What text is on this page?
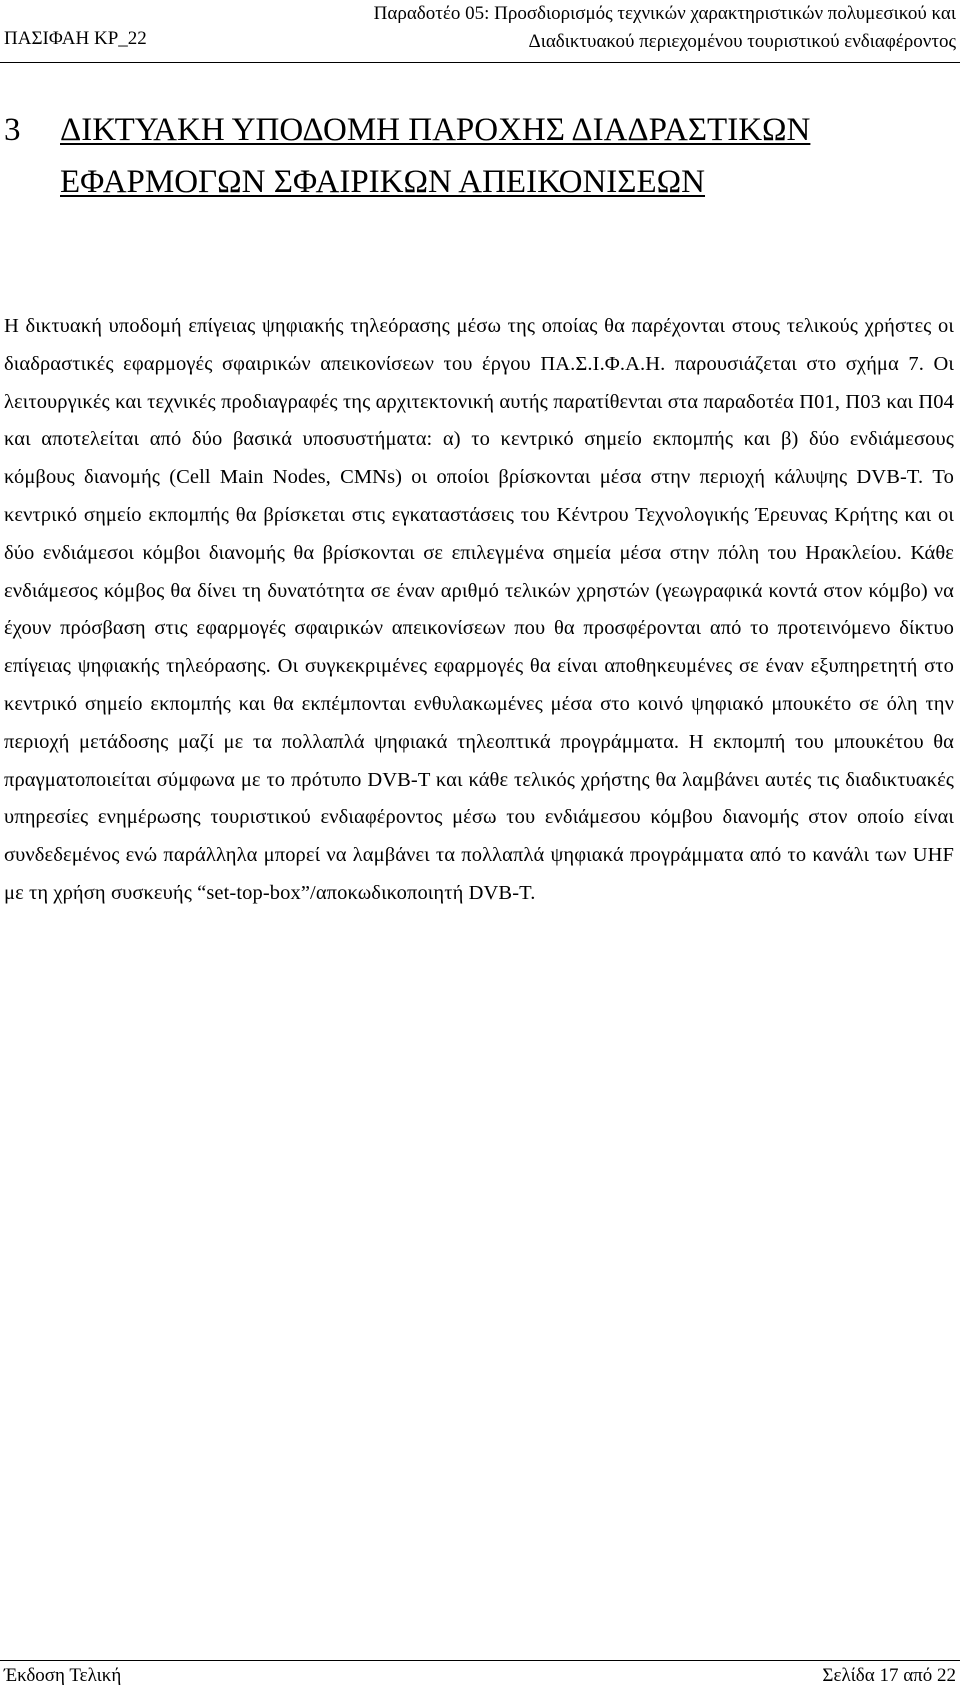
ΠΑΣΙΦΑΗ ΚΡ_22
Παραδοτέο 05: Προσδιορισμός τεχνικών χαρακτηριστικών πολυμεσικού και
Διαδικτυακού περιεχομένου τουριστικού ενδιαφέροντος
3 ΔΙΚΤΥΑΚΗ ΥΠΟΔΟΜΗ ΠΑΡΟΧΗΣ ΔΙΑΔΡΑΣΤΙΚΩΝ
ΕΦΑΡΜΟΓΩΝ ΣΦΑΙΡΙΚΩΝ ΑΠΕΙΚΟΝΙΣΕΩΝ
Η δικτυακή υποδομή επίγειας ψηφιακής τηλεόρασης μέσω της οποίας θα παρέχονται στους τελικούς χρήστες οι διαδραστικές εφαρμογές σφαιρικών απεικονίσεων του έργου ΠΑ.Σ.Ι.Φ.Α.Η. παρουσιάζεται στο σχήμα 7. Οι λειτουργικές και τεχνικές προδιαγραφές της αρχιτεκτονική αυτής παρατίθενται στα παραδοτέα Π01, Π03 και Π04 και αποτελείται από δύο βασικά υποσυστήματα: α) το κεντρικό σημείο εκπομπής και β) δύο ενδιάμεσους κόμβους διανομής (Cell Main Nodes, CMNs) οι οποίοι βρίσκονται μέσα στην περιοχή κάλυψης DVB-T. Το κεντρικό σημείο εκπομπής θα βρίσκεται στις εγκαταστάσεις του Κέντρου Τεχνολογικής Έρευνας Κρήτης και οι δύο ενδιάμεσοι κόμβοι διανομής θα βρίσκονται σε επιλεγμένα σημεία μέσα στην πόλη του Ηρακλείου. Κάθε ενδιάμεσος κόμβος θα δίνει τη δυνατότητα σε έναν αριθμό τελικών χρηστών (γεωγραφικά κοντά στον κόμβο) να έχουν πρόσβαση στις εφαρμογές σφαιρικών απεικονίσεων που θα προσφέρονται από το προτεινόμενο δίκτυο επίγειας ψηφιακής τηλεόρασης. Οι συγκεκριμένες εφαρμογές θα είναι αποθηκευμένες σε έναν εξυπηρετητή στο κεντρικό σημείο εκπομπής και θα εκπέμπονται ενθυλακωμένες μέσα στο κοινό ψηφιακό μπουκέτο σε όλη την περιοχή μετάδοσης μαζί με τα πολλαπλά ψηφιακά τηλεοπτικά προγράμματα. Η εκπομπή του μπουκέτου θα πραγματοποιείται σύμφωνα με το πρότυπο DVB-T και κάθε τελικός χρήστης θα λαμβάνει αυτές τις διαδικτυακές υπηρεσίες ενημέρωσης τουριστικού ενδιαφέροντος μέσω του ενδιάμεσου κόμβου διανομής στον οποίο είναι συνδεδεμένος ενώ παράλληλα μπορεί να λαμβάνει τα πολλαπλά ψηφιακά προγράμματα από το κανάλι των UHF με τη χρήση συσκευής “set-top-box”/αποκωδικοποιητή DVB-T.
Έκδοση Τελική	Σελίδα 17 από 22
